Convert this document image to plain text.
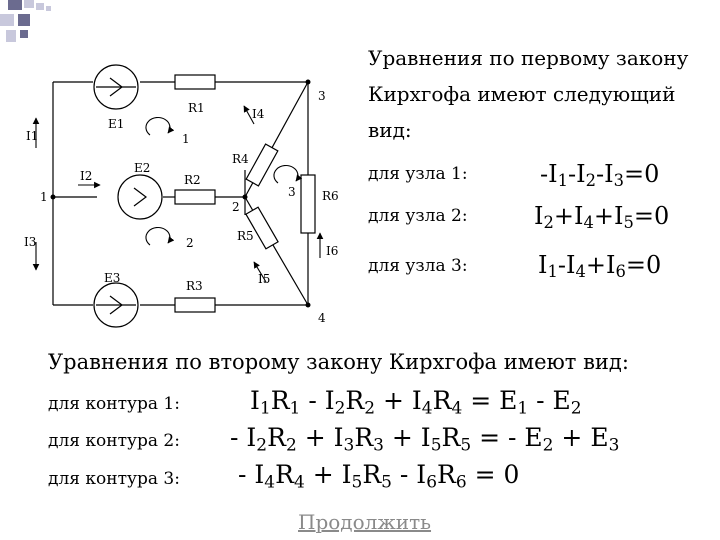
E1
E2
E3
R1
R2
R3
R4
R5
R6
I1
I2
I3
I4
I5
I6
1
2
3
4
1
2
3

Уравнения по первому закону Кирхгофа имеют следующий вид:

для узла 1:	$-I_1-I_2-I_3=0$
для узла 2:	$I_2+I_4+I_5=0$
для узла 3:	$I_1-I_4+I_6=0$

Уравнения по второму закону Кирхгофа имеют вид:

для контура 1:	$I_1R_1 - I_2R_2 + I_4R_4 = E_1 - E_2$
для контура 2: - $I_2R_2 + I_3R_3 + I_5R_5$ = - $E_2 + E_3$
для контура 3: - $I_4R_4 + I_5R_5 - I_6R_6 = 0$
Продолжить
